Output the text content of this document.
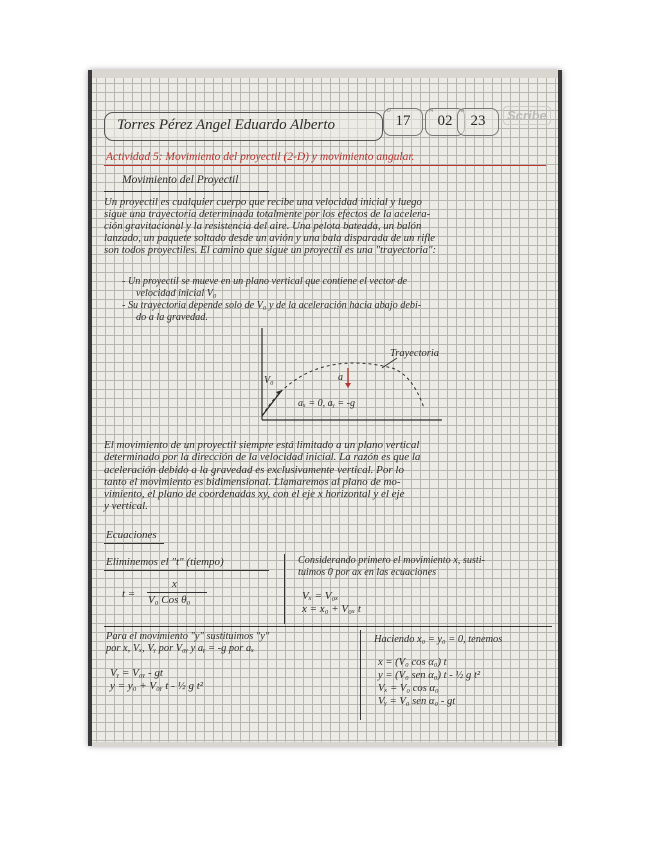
Torres Pérez Angel Eduardo Alberto
D
17
M
02
A
23	Scribe
Actividad 5: Movimiento del proyectil (2-D) y movimiento angular.
Movimiento del Proyectil
Un proyectil es cualquier cuerpo que recibe una velocidad inicial y luego
sigue una trayectoria determinada totalmente por los efectos de la acelera-
ción gravitacional y la resistencia del aire. Una pelota bateada, un balón
lanzado, un paquete soltado desde un avión y una bala disparada de un rifle
son todos proyectiles. El camino que sigue un proyectil es una "trayectoria":
- Un proyectil se mueve en un plano vertical que contiene el vector de
velocidad inicial V₀
- Su trayectoria depende solo de V₀ y de la aceleración hacia abajo debi-
do a la gravedad.
Trayectoria
V₀	a
aₓ = 0, aᵧ = -g
El movimiento de un proyectil siempre está limitado a un plano vertical
determinado por la dirección de la velocidad inicial. La razón es que la
aceleración debido a la gravedad es exclusivamente vertical. Por lo
tanto el movimiento es bidimensional. Llamaremos al plano de mo-
vimiento, el plano de coordenadas xy, con el eje x horizontal y el eje
y vertical.
Ecuaciones
Eliminemos el "t" (tiempo)
t =
x
V₀ Cos θ₀
Considerando primero el movimiento x, susti-
tuimos 0 por ax en las ecuaciones
Vₓ = V₀ₓ
x = x₀ + V₀ₓ t
Para el movimiento "y" sustituimos "y"
por x, Vₓ, Vᵧ por V₀ᵧ y aᵧ = -g por aₓ
Vᵧ = V₀ᵧ - gt
y = y₀ + V₀ᵧ t - ½ g t²
Haciendo x₀ = y₀ = 0, tenemos
x = (V₀ cos α₀) t
y = (V₀ sen α₀) t - ½ g t²
Vₓ = V₀ cos α₀
Vᵧ = V₀ sen α₀ - gt
